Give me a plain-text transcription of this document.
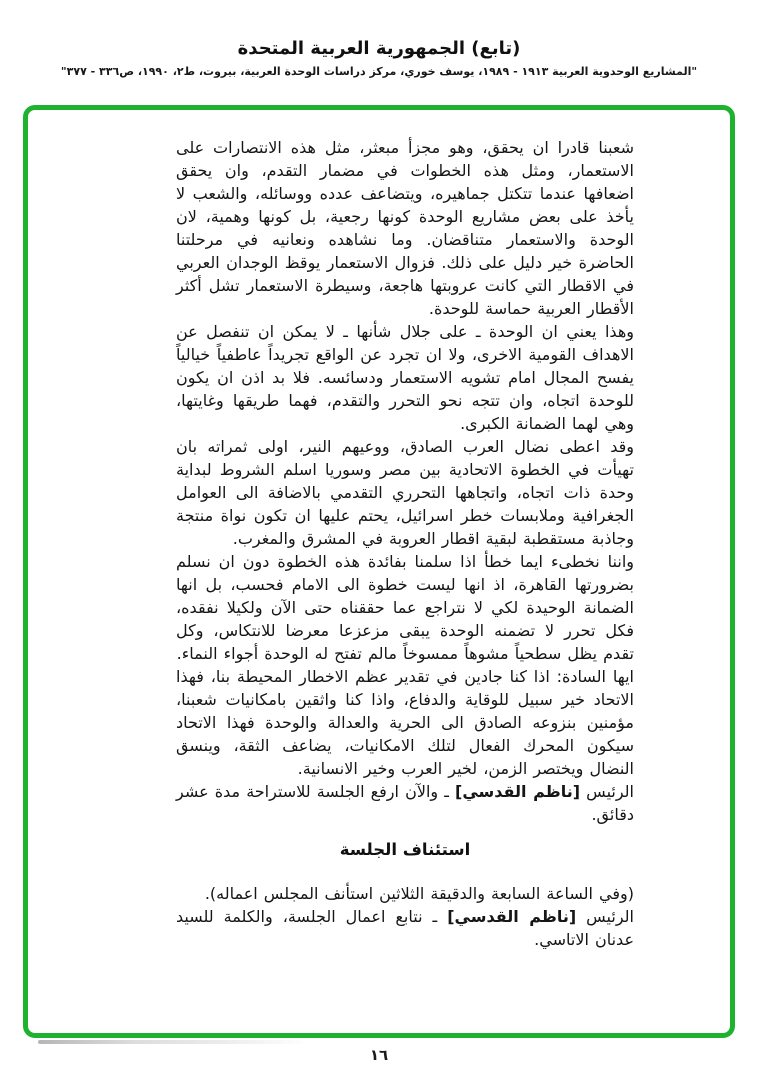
(تابع) الجمهورية العربية المتحدة
"المشاريع الوحدوية العربية ١٩١٣ - ١٩٨٩، يوسف خوري، مركز دراسات الوحدة العربية، بيروت، ط٢، ١٩٩٠، ص٣٣٦ - ٣٧٧"

شعبنا قادرا ان يحقق، وهو مجزأ مبعثر، مثل هذه الانتصارات على الاستعمار، ومثل هذه الخطوات في مضمار التقدم، وان يحقق اضعافها عندما تتكتل جماهيره، ويتضاعف عدده ووسائله، والشعب لا يأخذ على بعض مشاريع الوحدة كونها رجعية، بل كونها وهمية، لان الوحدة والاستعمار متناقضان. وما نشاهده ونعانيه في مرحلتنا الحاضرة خير دليل على ذلك. فزوال الاستعمار يوقظ الوجدان العربي في الاقطار التي كانت عروبتها هاجعة، وسيطرة الاستعمار تشل أكثر الأقطار العربية حماسة للوحدة.

وهذا يعني ان الوحدة ـ على جلال شأنها ـ لا يمكن ان تنفصل عن الاهداف القومية الاخرى، ولا ان تجرد عن الواقع تجريداً عاطفياً خيالياً يفسح المجال امام تشويه الاستعمار ودسائسه. فلا بد اذن ان يكون للوحدة اتجاه، وان تتجه نحو التحرر والتقدم، فهما طريقها وغايتها، وهي لهما الضمانة الكبرى.

وقد اعطى نضال العرب الصادق، ووعيهم النير، اولى ثمراته بان تهيأت في الخطوة الاتحادية بين مصر وسوريا اسلم الشروط لبداية وحدة ذات اتجاه، واتجاهها التحرري التقدمي بالاضافة الى العوامل الجغرافية وملابسات خطر اسرائيل، يحتم عليها ان تكون نواة منتجة وجاذبة مستقطبة لبقية اقطار العروبة في المشرق والمغرب.

واننا نخطىء ايما خطأ اذا سلمنا بفائدة هذه الخطوة دون ان نسلم بضرورتها القاهرة، اذ انها ليست خطوة الى الامام فحسب، بل انها الضمانة الوحيدة لكي لا نتراجع عما حققناه حتى الآن ولكيلا نفقده، فكل تحرر لا تضمنه الوحدة يبقى مزعزعا معرضا للانتكاس، وكل تقدم يظل سطحياً مشوهاً ممسوخاً مالم تفتح له الوحدة أجواء النماء.

ايها السادة: اذا كنا جادين في تقدير عظم الاخطار المحيطة بنا، فهذا الاتحاد خير سبيل للوقاية والدفاع، واذا كنا واثقين بامكانيات شعبنا، مؤمنين بنزوعه الصادق الى الحرية والعدالة والوحدة فهذا الاتحاد سيكون المحرك الفعال لتلك الامكانيات، يضاعف الثقة، وينسق النضال ويختصر الزمن، لخير العرب وخير الانسانية.

الرئيس [ناظم القدسي] ـ والآن ارفع الجلسة للاستراحة مدة عشر دقائق.

استئناف الجلسة

(وفي الساعة السابعة والدقيقة الثلاثين استأنف المجلس اعماله).

الرئيس [ناظم القدسي] ـ نتابع اعمال الجلسة، والكلمة للسيد عدنان الاتاسي.

١٦
